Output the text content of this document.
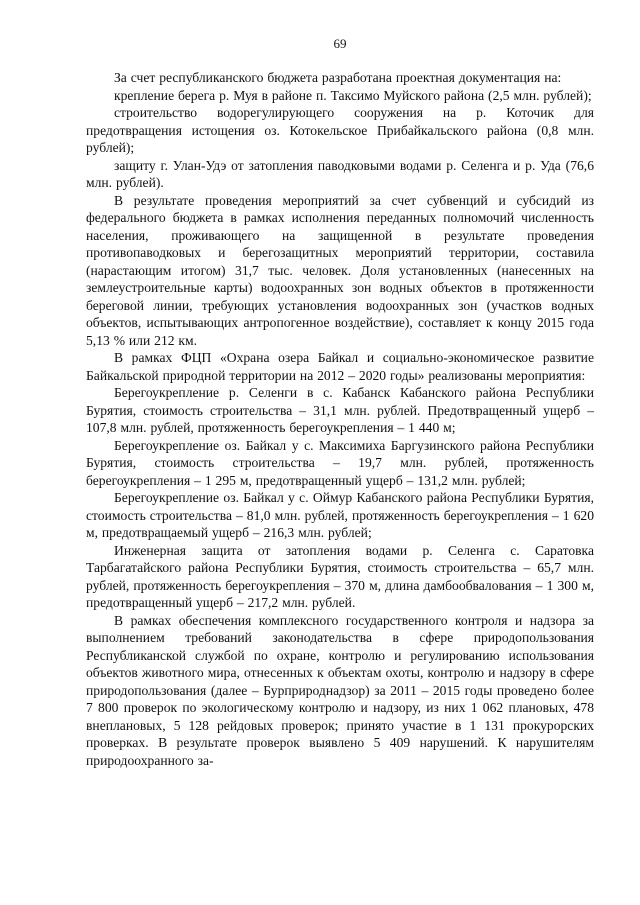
69

За счет республиканского бюджета разработана проектная документация на:

крепление берега р. Муя в районе п. Таксимо Муйского района (2,5 млн. рублей);

строительство водорегулирующего сооружения на р. Коточик для предотвращения истощения оз. Котокельское Прибайкальского района (0,8 млн. рублей);

защиту г. Улан-Удэ от затопления паводковыми водами р. Селенга и р. Уда (76,6 млн. рублей).

В результате проведения мероприятий за счет субвенций и субсидий из федерального бюджета в рамках исполнения переданных полномочий численность населения, проживающего на защищенной в результате проведения противопаводковых и берегозащитных мероприятий территории, составила (нарастающим итогом) 31,7 тыс. человек. Доля установленных (нанесенных на землеустроительные карты) водоохранных зон водных объектов в протяженности береговой линии, требующих установления водоохранных зон (участков водных объектов, испытывающих антропогенное воздействие), составляет к концу 2015 года 5,13 % или 212 км.

В рамках ФЦП «Охрана озера Байкал и социально-экономическое развитие Байкальской природной территории на 2012 – 2020 годы» реализованы мероприятия:

Берегоукрепление р. Селенги в с. Кабанск Кабанского района Республики Бурятия, стоимость строительства – 31,1 млн. рублей. Предотвращенный ущерб – 107,8 млн. рублей, протяженность берегоукрепления – 1 440 м;

Берегоукрепление оз. Байкал у с. Максимиха Баргузинского района Республики Бурятия, стоимость строительства – 19,7 млн. рублей, протяженность берегоукрепления – 1 295 м, предотвращенный ущерб – 131,2 млн. рублей;

Берегоукрепление оз. Байкал у с. Оймур Кабанского района Республики Бурятия, стоимость строительства – 81,0 млн. рублей, протяженность берегоукрепления – 1 620 м, предотвращаемый ущерб – 216,3 млн. рублей;

Инженерная защита от затопления водами р. Селенга с. Саратовка Тарбагатайского района Республики Бурятия, стоимость строительства – 65,7 млн. рублей, протяженность берегоукрепления – 370 м, длина дамбообвалования – 1 300 м, предотвращенный ущерб – 217,2 млн. рублей.

В рамках обеспечения комплексного государственного контроля и надзора за выполнением требований законодательства в сфере природопользования Республиканской службой по охране, контролю и регулированию использования объектов животного мира, отнесенных к объектам охоты, контролю и надзору в сфере природопользования (далее – Бурприроднадзор) за 2011 – 2015 годы проведено более 7 800 проверок по экологическому контролю и надзору, из них 1 062 плановых, 478 внеплановых, 5 128 рейдовых проверок; принято участие в 1 131 прокурорских проверках. В результате проверок выявлено 5 409 нарушений. К нарушителям природоохранного за-
